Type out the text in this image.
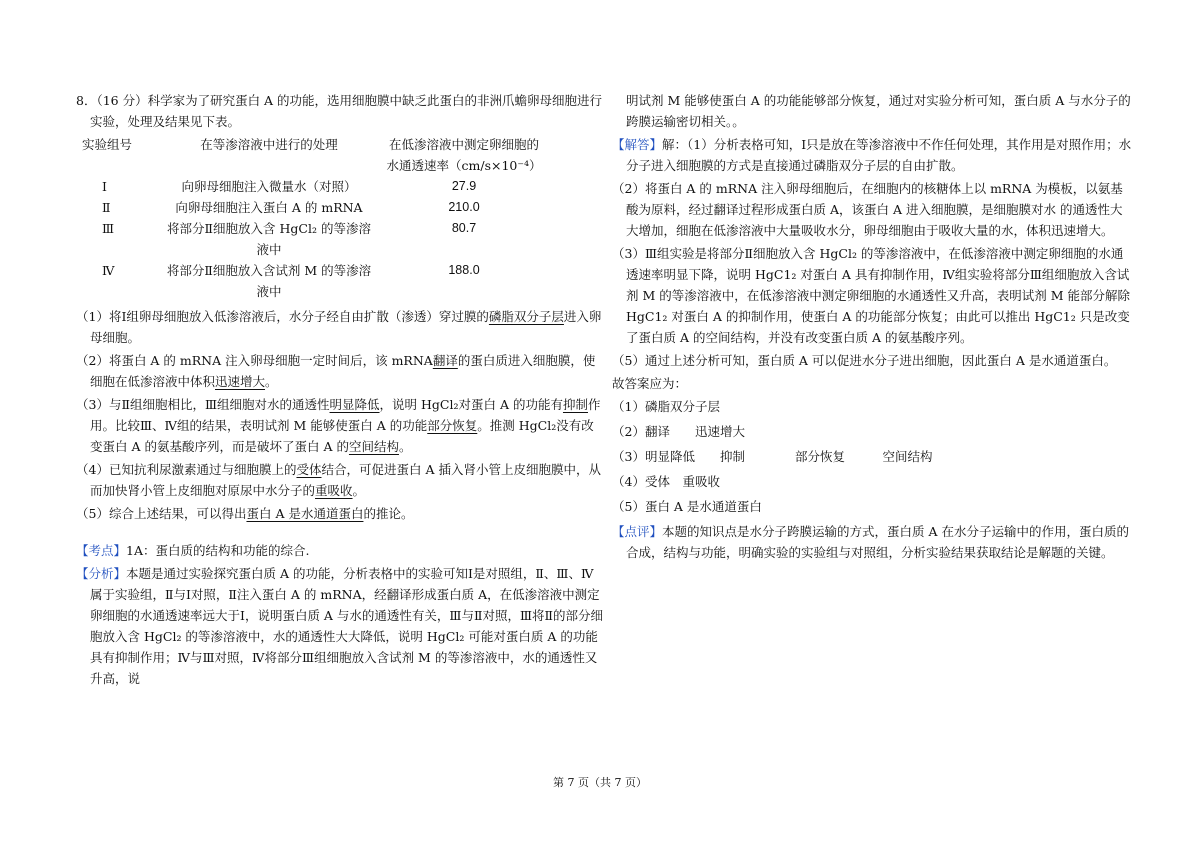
8．（16 分）科学家为了研究蛋白 A 的功能，选用细胞膜中缺乏此蛋白的非洲爪蟾卵母细胞进行实验，处理及结果见下表。

实验组号	在等渗溶液中进行的处理	在低渗溶液中测定卵细胞的
水通透速率（cm/s×10⁻⁴）

Ⅰ	向卵母细胞注入微量水（对照）	27.9
Ⅱ	向卵母细胞注入蛋白 A 的 mRNA	210.0
Ⅲ	将部分Ⅱ细胞放入含 HgCl₂ 的等渗溶液中	80.7
Ⅳ	将部分Ⅱ细胞放入含试剂 M 的等渗溶液中	188.0

（1）将Ⅰ组卵母细胞放入低渗溶液后，水分子经自由扩散（渗透）穿过膜的磷脂双分子层进入卵母细胞。

（2）将蛋白 A 的 mRNA 注入卵母细胞一定时间后，该 mRNA翻译的蛋白质进入细胞膜，使细胞在低渗溶液中体积迅速增大。

（3）与Ⅱ组细胞相比，Ⅲ组细胞对水的通透性明显降低，说明 HgCl₂对蛋白 A 的功能有抑制作用。比较Ⅲ、Ⅳ组的结果，表明试剂 M 能够使蛋白 A 的功能部分恢复。推测 HgCl₂没有改变蛋白 A 的氨基酸序列，而是破坏了蛋白 A 的空间结构。

（4）已知抗利尿激素通过与细胞膜上的受体结合，可促进蛋白 A 插入肾小管上皮细胞膜中，从而加快肾小管上皮细胞对原尿中水分子的重吸收。

（5）综合上述结果，可以得出蛋白 A 是水通道蛋白的推论。

【考点】1A：蛋白质的结构和功能的综合.

【分析】本题是通过实验探究蛋白质 A 的功能，分析表格中的实验可知Ⅰ是对照组，Ⅱ、Ⅲ、Ⅳ属于实验组，Ⅱ与Ⅰ对照，Ⅱ注入蛋白 A 的 mRNA，经翻译形成蛋白质 A，在低渗溶液中测定卵细胞的水通透速率远大于Ⅰ，说明蛋白质 A 与水的通透性有关，Ⅲ与Ⅱ对照，Ⅲ将Ⅱ的部分细胞放入含 HgCl₂ 的等渗溶液中，水的通透性大大降低，说明 HgCl₂ 可能对蛋白质 A 的功能具有抑制作用；Ⅳ与Ⅲ对照，Ⅳ将部分Ⅲ组细胞放入含试剂 M 的等渗溶液中，水的通透性又升高，说

明试剂 M 能够使蛋白 A 的功能能够部分恢复，通过对实验分析可知，蛋白质 A 与水分子的跨膜运输密切相关。。

【解答】解：（1）分析表格可知，Ⅰ只是放在等渗溶液中不作任何处理，其作用是对照作用；水分子进入细胞膜的方式是直接通过磷脂双分子层的自由扩散。

（2）将蛋白 A 的 mRNA 注入卵母细胞后，在细胞内的核糖体上以 mRNA 为模板，以氨基酸为原料，经过翻译过程形成蛋白质 A，该蛋白 A 进入细胞膜，是细胞膜对水 的通透性大大增加，细胞在低渗溶液中大量吸收水分，卵母细胞由于吸收大量的水，体积迅速增大。

（3）Ⅲ组实验是将部分Ⅱ细胞放入含 HgCl₂ 的等渗溶液中，在低渗溶液中测定卵细胞的水通透速率明显下降，说明 HgC1₂ 对蛋白 A 具有抑制作用，Ⅳ组实验将部分Ⅲ组细胞放入含试剂 M 的等渗溶液中，在低渗溶液中测定卵细胞的水通透性又升高，表明试剂 M 能部分解除 HgC1₂ 对蛋白 A 的抑制作用，使蛋白 A 的功能部分恢复；由此可以推出 HgC1₂ 只是改变了蛋白质 A 的空间结构，并没有改变蛋白质 A 的氨基酸序列。

（5）通过上述分析可知，蛋白质 A 可以促进水分子进出细胞，因此蛋白 A 是水通道蛋白。

故答案应为：

（1）磷脂双分子层

（2）翻译　　迅速增大

（3）明显降低　　抑制　　　　部分恢复　　　空间结构

（4）受体　重吸收

（5）蛋白 A 是水通道蛋白

【点评】本题的知识点是水分子跨膜运输的方式，蛋白质 A 在水分子运输中的作用，蛋白质的合成，结构与功能，明确实验的实验组与对照组，分析实验结果获取结论是解题的关键。

第 7 页（共 7 页）
